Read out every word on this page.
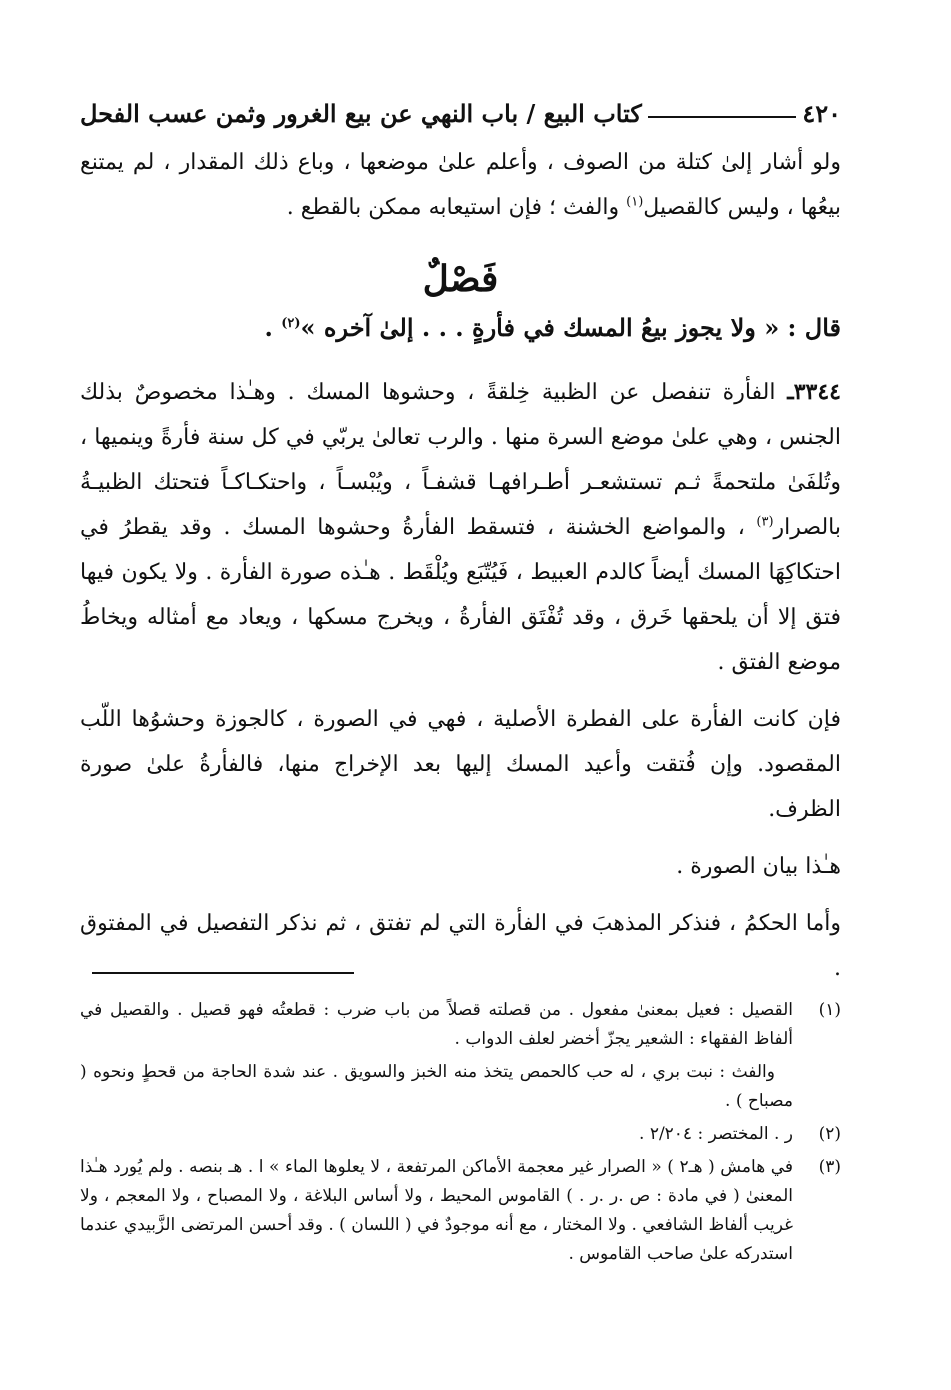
٤٢٠
كتاب البيع / باب النهي عن بيع الغرور وثمن عسب الفحل

ولو أشار إلىٰ كتلة من الصوف ، وأعلم علىٰ موضعها ، وباع ذلك المقدار ، لم يمتنع بيعُها ، وليس كالقصيل$^{(١)}$ والفث ؛ فإن استيعابه ممكن بالقطع .

فَصْلٌ

قال : « ولا يجوز بيعُ المسك في فأرةٍ . . . إلىٰ آخره »$^{(٢)}$ .

٣٣٤٤ـ الفأرة تنفصل عن الظبية خِلقةً ، وحشوها المسك . وهـٰذا مخصوصٌ بذلك الجنس ، وهي علىٰ موضع السرة منها . والرب تعالىٰ يربّي في كل سنة فأرةً وينميها ، وتُلفَىٰ ملتحمةً ثـم تستشعـر أطـرافهـا قشفـاً ، ويُبْسـاً ، واحتكـاكـاً فتحتك الظبيـةُ بالصرار$^{(٣)}$ ، والمواضع الخشنة ، فتسقط الفأرةُ وحشوها المسك . وقد يقطرُ في احتكاكِهَا المسك أيضاً كالدم العبيط ، فَيُتّبَع ويُلْقَط . هـٰذه صورة الفأرة . ولا يكون فيها فتق إلا أن يلحقها خَرق ، وقد تُفْتَق الفأرةُ ، ويخرج مسكها ، ويعاد مع أمثاله ويخاطُ موضع الفتق .

فإن كانت الفأرة على الفطرة الأصلية ، فهي في الصورة ، كالجوزة وحشوُها اللّب المقصود. وإن فُتقت وأعيد المسك إليها بعد الإخراج منها، فالفأرةُ علىٰ صورة الظرف.

هـٰذا بيان الصورة .

وأما الحكمُ ، فنذكر المذهبَ في الفأرة التي لم تفتق ، ثم نذكر التفصيل في المفتوق .

(١)
القصيل : فعيل بمعنىٰ مفعول . من قصلته قصلاً من باب ضرب : قطعتُه فهو قصيل . والقصيل في ألفاظ الفقهاء : الشعير يجزّ أخضر لعلف الدواب .
والفث : نبت بري ، له حب كالحمص يتخذ منه الخبز والسويق . عند شدة الحاجة من قحطٍ ونحوه ( مصباح ) .
(٢)
ر . المختصر : ٢/٢٠٤ .
(٣)
في هامش ( هـ٢ ) « الصرار غير معجمة الأماكن المرتفعة ، لا يعلوها الماء » ا . هـ بنصه . ولم يُورد هـٰذا المعنىٰ ( في مادة : ص .ر .ر . ) القاموس المحيط ، ولا أساس البلاغة ، ولا المصباح ، ولا المعجم ، ولا غريب ألفاظ الشافعي . ولا المختار ، مع أنه موجودٌ في ( اللسان ) . وقد أحسن المرتضى الزَّبيدي عندما استدركه علىٰ صاحب القاموس .
